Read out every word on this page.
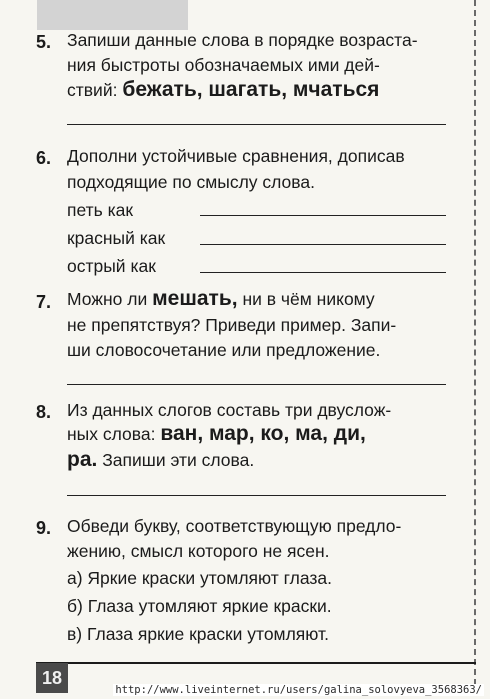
5. Запиши данные слова в порядке возраста-
ния быстроты обозначаемых ими дей-
ствий: бежать, шагать, мчаться
6. Дополни устойчивые сравнения, дописав
подходящие по смыслу слова.
петь как
красный как
острый как
7. Можно ли мешать, ни в чём никому
не препятствуя? Приведи пример. Запи-
ши словосочетание или предложение.
8. Из данных слогов составь три двуслож-
ных слова: ван, мар, ко, ма, ди,
ра. Запиши эти слова.
9. Обведи букву, соответствующую предло-
жению, смысл которого не ясен.
а) Яркие краски утомляют глаза.
б) Глаза утомляют яркие краски.
в) Глаза яркие краски утомляют.
18
http://www.liveinternet.ru/users/galina_solovyeva_3568363/
